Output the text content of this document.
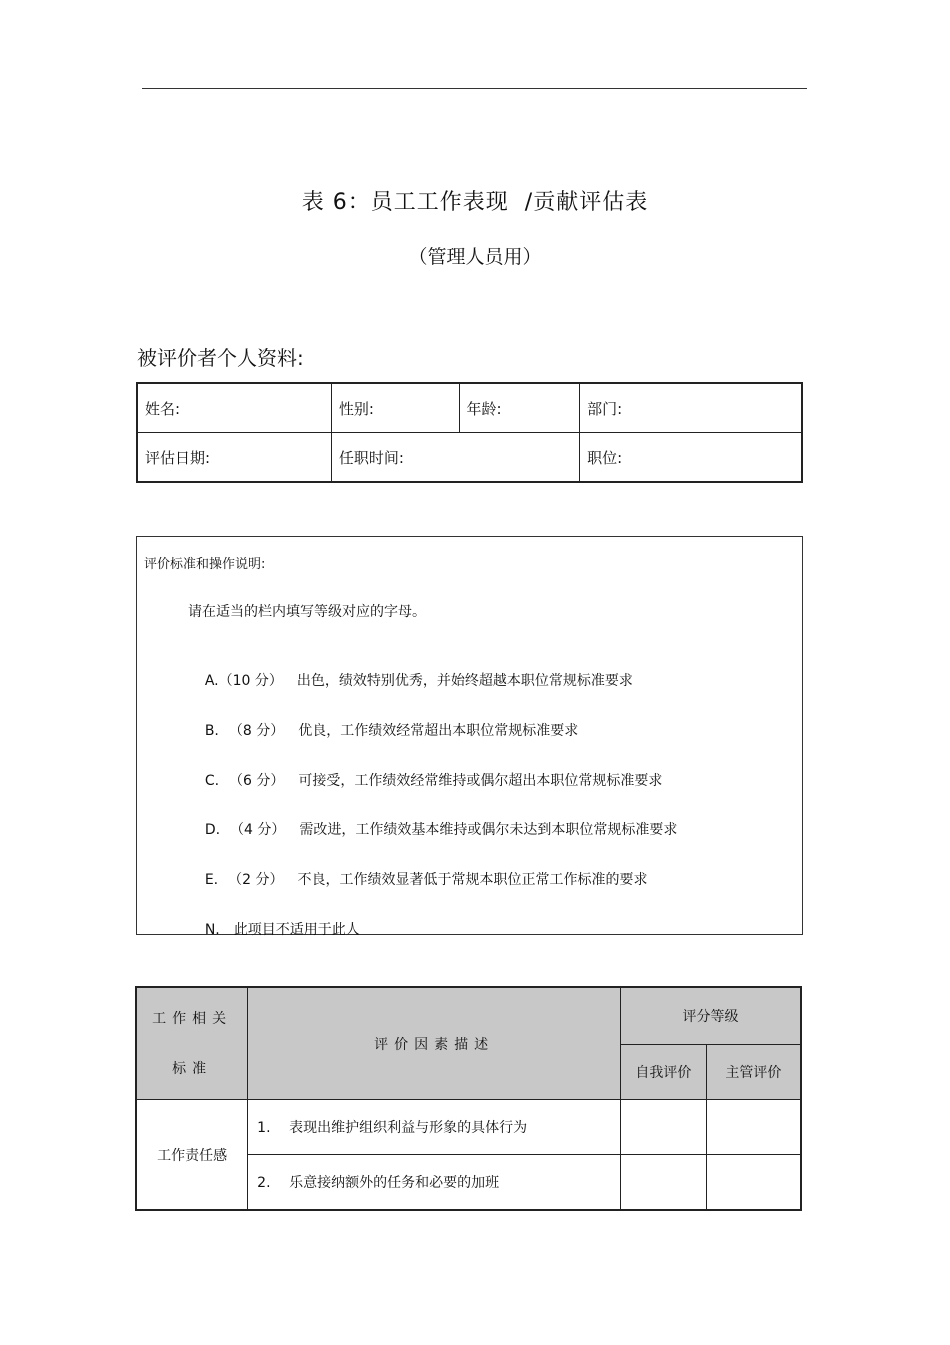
表 6：员工工作表现 /贡献评估表
（管理人员用）
被评价者个人资料:
姓名:	性别:	年龄:	部门:
评估日期:	任职时间:		职位:
评价标准和操作说明:
请在适当的栏内填写等级对应的字母。

A.（10 分） 出色，绩效特别优秀，并始终超越本职位常规标准要求

B. （8 分） 优良，工作绩效经常超出本职位常规标准要求

C. （6 分） 可接受，工作绩效经常维持或偶尔超出本职位常规标准要求

D. （4 分） 需改进，工作绩效基本维持或偶尔未达到本职位常规标准要求

E. （2 分） 不良，工作绩效显著低于常规本职位正常工作标准的要求

N. 此项目不适用于此人

工作相关
标准	评价因素描述	评分等级	
		自我评价	主管评价
工作责任感	1. 表现出维护组织利益与形象的具体行为		
	2. 乐意接纳额外的任务和必要的加班		
